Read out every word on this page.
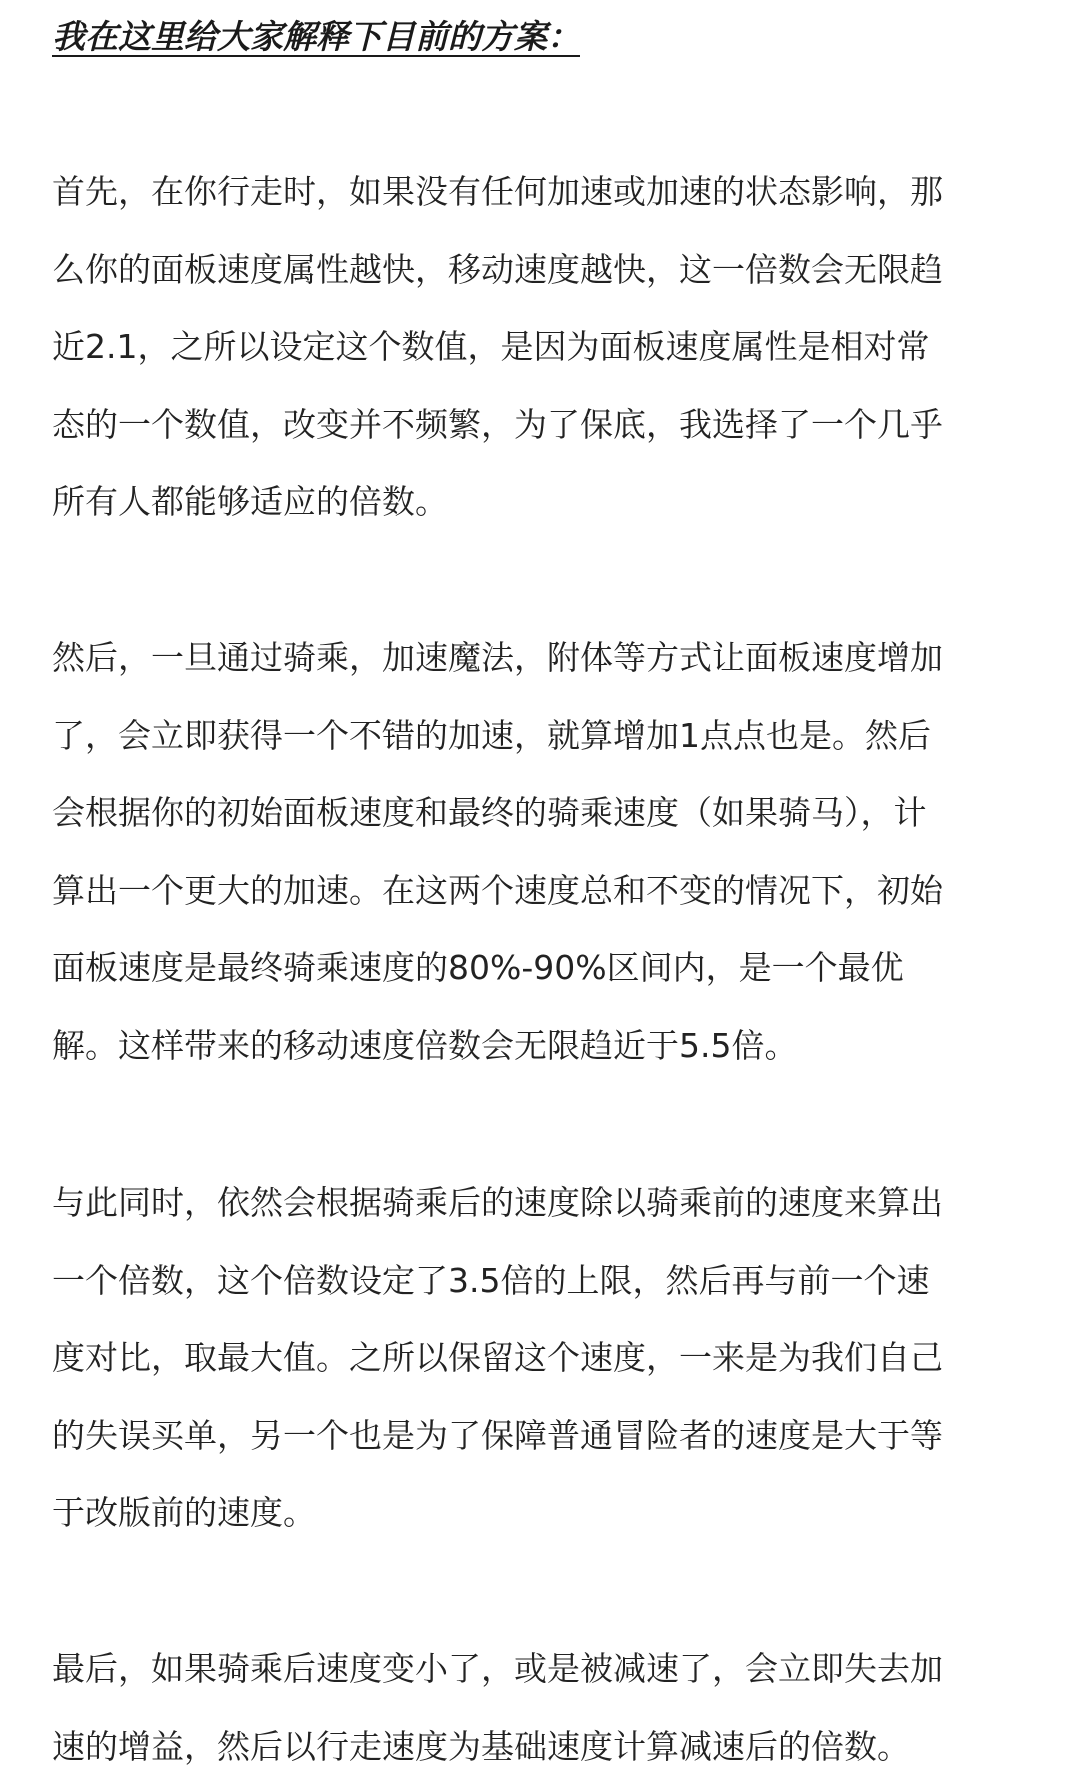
我在这里给大家解释下目前的方案：

首先，在你行走时，如果没有任何加速或加速的状态影响，那
么你的面板速度属性越快，移动速度越快，这一倍数会无限趋
近2.1，之所以设定这个数值，是因为面板速度属性是相对常
态的一个数值，改变并不频繁，为了保底，我选择了一个几乎
所有人都能够适应的倍数。

然后，一旦通过骑乘，加速魔法，附体等方式让面板速度增加
了，会立即获得一个不错的加速，就算增加1点点也是。然后
会根据你的初始面板速度和最终的骑乘速度（如果骑马），计
算出一个更大的加速。在这两个速度总和不变的情况下，初始
面板速度是最终骑乘速度的80%-90%区间内，是一个最优
解。这样带来的移动速度倍数会无限趋近于5.5倍。

与此同时，依然会根据骑乘后的速度除以骑乘前的速度来算出
一个倍数，这个倍数设定了3.5倍的上限，然后再与前一个速
度对比，取最大值。之所以保留这个速度，一来是为我们自己
的失误买单，另一个也是为了保障普通冒险者的速度是大于等
于改版前的速度。

最后，如果骑乘后速度变小了，或是被减速了，会立即失去加
速的增益，然后以行走速度为基础速度计算减速后的倍数。
